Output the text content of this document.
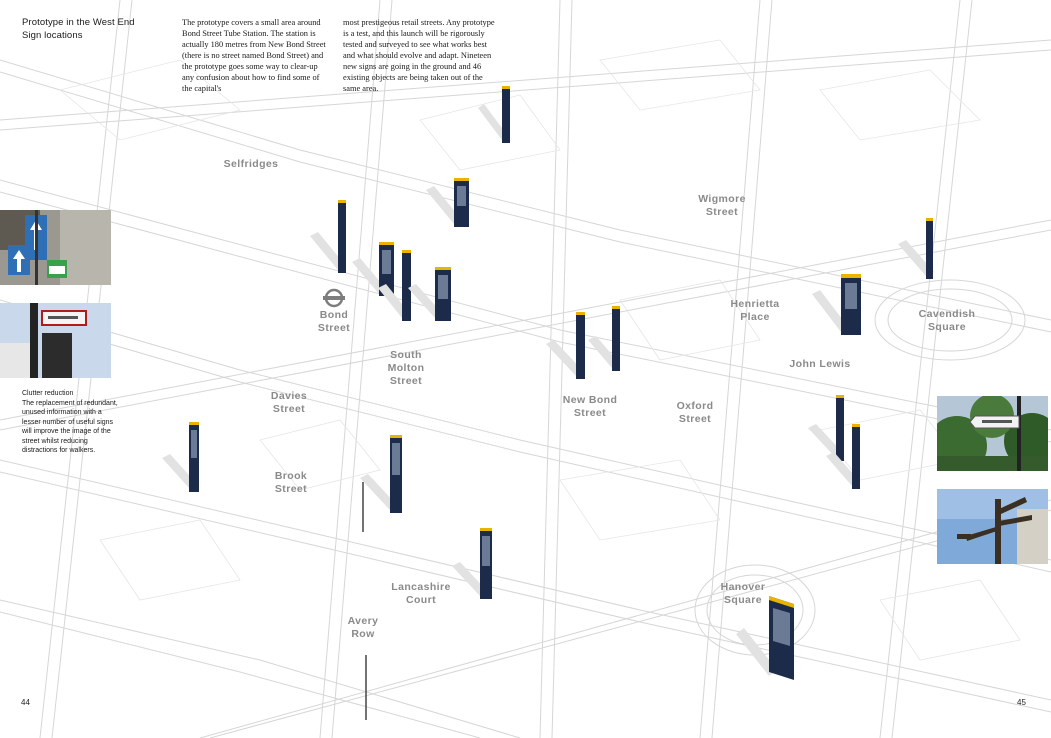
Prototype in the West End
Sign locations
The prototype covers a small area around Bond Street Tube Station. The station is actually 180 metres from New Bond Street (there is no street named Bond Street) and the prototype goes some way to clear-up any confusion about how to find some of the capital's
most prestigeous retail streets. Any prototype is a test, and this launch will be rigorously tested and surveyed to see what works best and what should evolve and adapt. Nineteen new signs are going in the ground and 46 existing objects are being taken out of the same area.
Clutter reduction
The replacement of redundant, unused information with a lesser number of useful signs will improve the image of the street whilst reducing distractions for walkers.
Selfridges
Bond
Street
South
Molton
Street
Davies
Street
Brook
Street
Lancashire
Court
Avery
Row
New Bond
Street
Oxford
Street
Wigmore
Street
Henrietta
Place
John Lewis
Cavendish
Square
Hanover
Square
44	45
